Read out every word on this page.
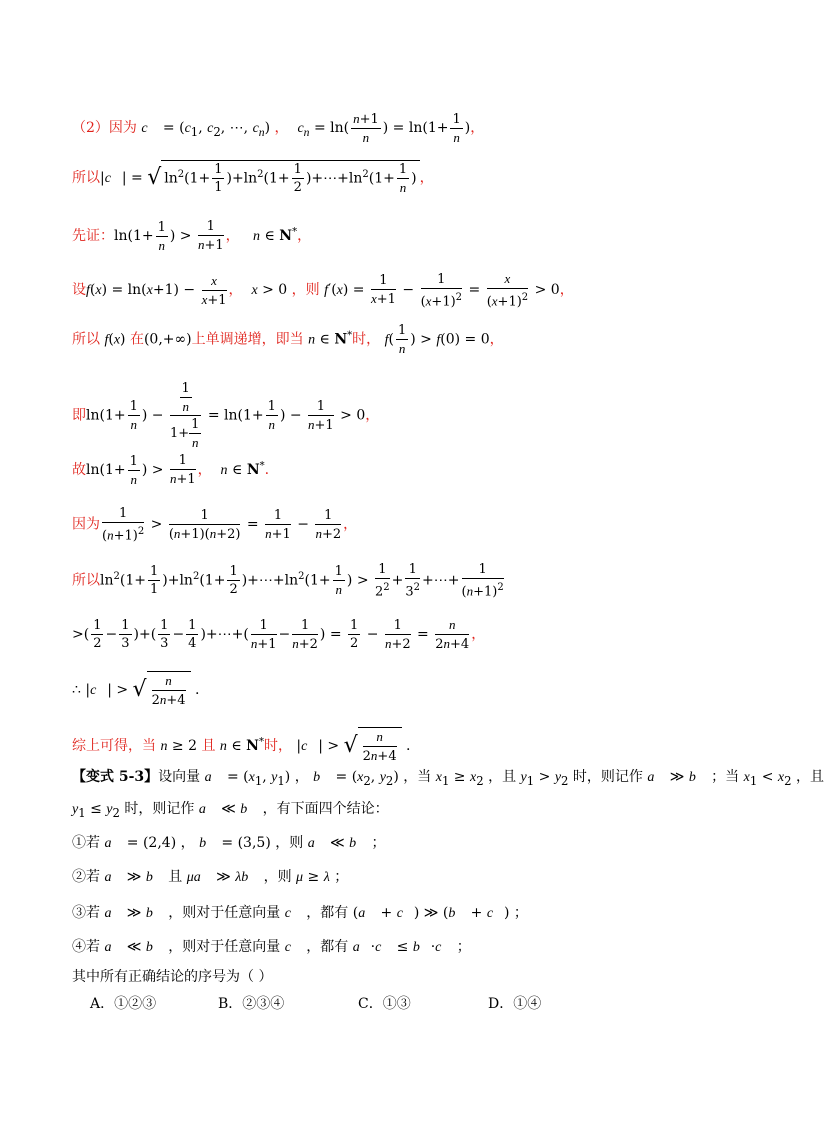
（2）因为 c⃗ = ($c_1$, $c_2$, ⋯, $c_n$) ， $c_n = \ln( \frac{n+1}{n}$ ) = $\ln(1+ \frac{1}{n}$ )，
所以|c⃗| = √ $\ln^2(1+ \frac{1}{1} )+\ln^2(1+ \frac{1}{2}$ )$+\cdots+\ln^2(1+ \frac{1}{n}$ ) ，
先证：$\ln(1+ \frac{1}{n}$ ) > $\frac{1}{n+1}$ ， n ∈ N*，
设$f(x) = \ln(x+1) - \frac{x}{x+1}$ ， x > 0 ，则 $f'(x) = \frac{1}{x+1} - \frac{1}{(x+1)^2} = \frac{x}{(x+1)^2} > 0$，
所以 f(x) 在(0,+∞)上单调递增，即当 n ∈ N*时， $f( \frac{1}{n}$ ) > f(0) = 0，
即$\ln(1+ \frac{1}{n}$ ) − $\frac{\frac{1}{n}}{1+ \frac{1}{n}} = \ln(1+ \frac{1}{n}$ ) − $\frac{1}{n+1} > 0$，
故$\ln(1+ \frac{1}{n}$ ) > $\frac{1}{n+1}$ ， n ∈ N*.
因为 $\frac{1}{(n+1)^2} > \frac{1}{(n+1)(n+2)} = \frac{1}{n+1} - \frac{1}{n+2}$ ，
所以$\ln^2(1+ \frac{1}{1} )+\ln^2(1+ \frac{1}{2}$ )$+\cdots+\ln^2(1+ \frac{1}{n}$ ) > $\frac{1}{2^2} + \frac{1}{3^2}$ +⋯+ $\frac{1}{(n+1)^2}$
>( $\frac{1}{2} - \frac{1}{3}$ )+( $\frac{1}{3} - \frac{1}{4}$ )+⋯+( $\frac{1}{n+1} - \frac{1}{n+2}$ ) = $\frac{1}{2} - \frac{1}{n+2} = \frac{n}{2n+4}$ ，
∴ |c⃗| > √ $\frac{n}{2n+4}$ .
综上可得，当 n ≥ 2 且 n ∈ N*时， |c⃗| > √ $\frac{n}{2n+4}$ .
【变式 5-3】设向量 a⃗ = ($x_1$, $y_1$) ， b⃗ = ($x_2$, $y_2$) ，当 $x_1 \ge x_2$ ，且 $y_1 > y_2$ 时，则记作 a⃗ ≫ b⃗ ；当 $x_1 < x_2$ ，且
$y_1 \le y_2$ 时，则记作 a⃗ ≪ b⃗ ，有下面四个结论：
①若 a⃗ = (2,4) ， b⃗ = (3,5) ，则 a⃗ ≪ b⃗ ；
②若 a⃗ ≫ b⃗ 且 μa⃗ ≫ λb⃗ ，则 μ ≥ λ ；
③若 a⃗ ≫ b⃗ ，则对于任意向量 c⃗ ，都有 (a⃗ + c⃗) ≫ (b⃗ + c⃗) ；
④若 a⃗ ≪ b⃗ ，则对于任意向量 c⃗ ，都有 a⃗·c⃗ ≤ b⃗·c⃗ ；
其中所有正确结论的序号为（ ）
A．①②③	B．②③④	C．①③	D．①④
